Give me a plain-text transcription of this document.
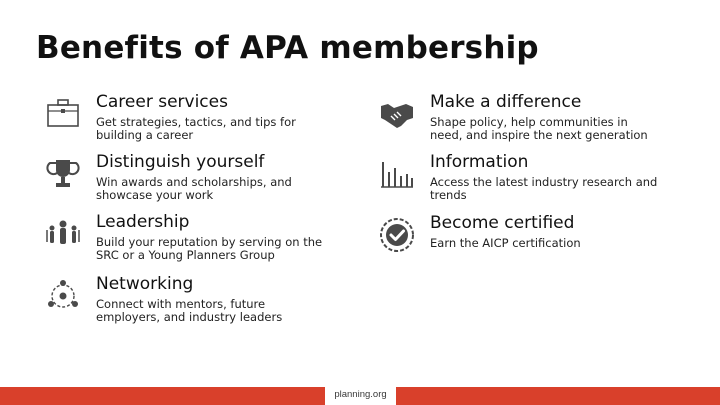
Benefits of APA membership
Career services
Get strategies, tactics, and tips for building a career
Distinguish yourself
Win awards and scholarships, and showcase your work
Leadership
Build your reputation by serving on the SRC or a Young Planners Group
Networking
Connect with mentors, future employers, and industry leaders
Make a difference
Shape policy, help communities in need, and inspire the next generation
Information
Access the latest industry research and trends
Become certified
Earn the AICP certification
planning.org
